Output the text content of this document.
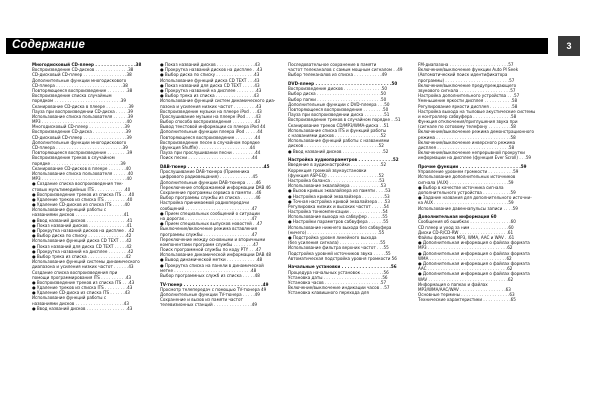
Содержание	3
Многодисковый CD-плеер . . . . . . . . . . . . . .38
Воспроизведение CD-дисков . . . . . . . . . . . . .38
CD-дисковый CD-плеер . . . . . . . . . . . . . . . . .38
Дополнительные функции многодискового
CD-плеера . . . . . . . . . . . . . . . . . . . . . . . . . .38
Повторяющееся воспроизведение . . . . . . . .38
Воспроизведение списка случайным
порядком . . . . . . . . . . . . . . . . . . . . . . . . . .39
Сканирование CD-диска в плеере . . . . . . . . .39
Пауза при воспроизведении CD-диска . . . . .39
Использование списка пользователя . . . . . .39
MP3 . . . . . . . . . . . . . . . . . . . . . . . . . . . . . . . . .40
Многодисковый CD-плеер . . . . . . . . . . . . . .39
Воспроизведение CD-диска . . . . . . . . . . . . .39
CD-дисковый CD-плеер . . . . . . . . . . . . . . . . .39
Дополнительные функции многодискового
CD-плеера . . . . . . . . . . . . . . . . . . . . . . . . . .39
Повторяющееся воспроизведение . . . . . . . .39
Воспроизведение треков в случайном
порядке . . . . . . . . . . . . . . . . . . . . . . . . . . .39
Сканирование CD-дисков в плеере . . . . . . .40
Использование списка пользователя . . . . . .40
MP3 . . . . . . . . . . . . . . . . . . . . . . . . . . . . . . . . .40
● Создание списка воспроизведения тек-
стовых мультимедийных ITS . . . . . . . . . . . .40
● Воспроизведение треков из списка ITS . . .40
● Удаление треков из списка ITS . . . . . . . . .40
● Удаление CD-дисков из списка ITS . . . . .40
Использование функций работы с
названиями дисков . . . . . . . . . . . . . . . . . . .41
● Ввод названий дисков . . . . . . . . . . . . . . . .41
● Показ названий дисков . . . . . . . . . . . . . . .41
● Прокрутка названий дисков на дисплее . .42
● Выбор диска по списку . . . . . . . . . . . . . . .42
Использование функций диска CD TEXT . . .42
● Показ названий для диска CD TEXT . . . . .42
● Прокрутка названий на дисплее . . . . . . . .42
● Выбор трека из списка . . . . . . . . . . . . . . .42
Использование функций системы динамического
диапазона и усиления низких частот . . . . . .43
Создание списка воспроизведения при
помощи программирования ITS . . . . . . . . . .43
● Воспроизведение треков из списка ITS . . .43
● Удаление треков из списка ITS . . . . . . . . .43
● Удаление CD-диска из списка ITS . . . . . .43
Использование функций работы с
названиями дисков . . . . . . . . . . . . . . . . . . .43
● Ввод названий дисков . . . . . . . . . . . . . . . .43
● Показ названий дисков . . . . . . . . . . . . . . .43
● Прокрутка названий дисков на дисплее . .43
● Выбор диска по списку . . . . . . . . . . . . . . .43
Использование функций диска CD TEXT . . .43
● Показ названий для диска CD TEXT . . . . .43
● Прокрутка названий на дисплее . . . . . . . .43
● Выбор трека из списка . . . . . . . . . . . . . . .43
Использование функций систем динамического диа-
пазона и усиления низких частот . . . . . . . . .43
Воспроизведение музыки на плеере iPod . . .43
Прослушивание музыки на плеере iPod . . . .43
Выбор способа воспроизведения . . . . . . . . .43
Вывод текстовой информации со плеера iPod 44
Дополнительные функции плеера iPod . . . . .44
Повторяющееся воспроизведение . . . . . . . .44
Воспроизведение песен в случайном порядке
(функция Shuffle) . . . . . . . . . . . . . . . . . . . .44
Пауза при прослушивании песни . . . . . . . . .44
Поиск песни . . . . . . . . . . . . . . . . . . . . . . . . .44
DAB-тюнер . . . . . . . . . . . . . . . . . . . . . . . . . .45
Прослушивание DAB-тюнера (Приемника
цифрового радиовещания) . . . . . . . . . . . . .45
Дополнительные функции DAB-тюнера . . . .46
Переключение отображаемой информации DAB 46
Сохранение программы сервиса в памяти . .46
Выбор программы службы из списка . . . . . .46
Настройка принимаемой радиопередачи
сообщений . . . . . . . . . . . . . . . . . . . . . . . . . .47
● Прием специальных сообщений о ситуации
на дорогах . . . . . . . . . . . . . . . . . . . . . . . . . .47
● Прием специальных выпусков новостей . .47
Выключение/включение режима вставления
программы службы . . . . . . . . . . . . . . . . . . .47
Переключение между основными и вторичными
компонентами программ службы . . . . . . . .47
Поиск программной службы по коду PTY . . .47
Использование динамической информации DAB 48
● Вывод динамической метки . . . . . . . . . . . .48
● Прокрутка списка на панели в динамической
метке . . . . . . . . . . . . . . . . . . . . . . . . . . . . . .48
Выбор программных служб из списка . . . . .48
TV-тюнер . . . . . . . . . . . . . . . . . . . . . . . . . . .49
Просмотр телепередач с помощью TV-тюнера 49
Дополнительные функции TV-тюнера . . . . .49
Сохранение и вызов из памяти частот
телевизионных станций . . . . . . . . . . . . . . .49
Последовательное сохранение в памяти
частот телеканалов с самым мощным сигналом . .49
Выбор телеканалов из списка . . . . . . . . . . .49
DVD-плеер . . . . . . . . . . . . . . . . . . . . . . . . . .50
Воспроизведение дисков . . . . . . . . . . . . . . .50
Выбор диска . . . . . . . . . . . . . . . . . . . . . . . . .50
Выбор папки . . . . . . . . . . . . . . . . . . . . . . . . .50
Дополнительные функции с DVD-плеера . . .50
Повторяющееся воспроизведение . . . . . . . .50
Пауза при воспроизведении диска . . . . . . . .51
Воспроизведение треков в случайном порядке . .51
Сканирование треков CD/MP3/WMA-диска . .51
Использование списка ITS и функций работы
с названиями дисков . . . . . . . . . . . . . . . . . .52
Использование функций работы с названиями
дисков . . . . . . . . . . . . . . . . . . . . . . . . . . . . .52
● Ввод названий дисков . . . . . . . . . . . . . . . .52
Настройка аудиопараметров . . . . . . . . . . . .52
Введение в аудионастройки . . . . . . . . . . . .52
Коррекция громкой звукоустановки
(функция ASP-EQ) . . . . . . . . . . . . . . . . . . . .52
Настройка баланса . . . . . . . . . . . . . . . . . . .53
Использование эквалайзера . . . . . . . . . . . .53
● Вызов кривых эквалайзера из памяти . . . .53
● Настройка кривой эквалайзера . . . . . . . . .53
● Точная настройка кривой эквалайзера . . .53
Регулировка низких и высоких частот . . . . .54
Настройка тонкомпенсации . . . . . . . . . . . . .54
Использование выхода на сабвуфер . . . . . .55
● Настройки параметров сабвуфера . . . . . .55
Использование нижнего выхода без сабвуфера
(ничего) . . . . . . . . . . . . . . . . . . . . . . . . . . . .55
● Подстройка уровня линейного выхода
(без усиления сигнала) . . . . . . . . . . . . . . . .55
Использование фильтра верхних частот . . .55
Подстройка уровней источников звука . . . . .55
Автоматическая подстройка уровня громкости 56
Начальные установки . . . . . . . . . . . . . . . . .56
Процедура начальных установок . . . . . . . . .56
Установка даты . . . . . . . . . . . . . . . . . . . . . . .56
Установка часов . . . . . . . . . . . . . . . . . . . . . .57
Включение/выключение индикации часов . .57
Установка клавишного перехода для
FM-диапазона . . . . . . . . . . . . . . . . . . . . . . .57
Включение/выключение функции Auto PI Seek
(Автоматический поиск идентификатора
программы) . . . . . . . . . . . . . . . . . . . . . . . . .57
Включение/выключение предупреждающего
звукового сигнала . . . . . . . . . . . . . . . . . . . .57
Настройка дополнительного устройства . . .57
Уменьшение яркости дисплея . . . . . . . . . . .58
Регулирование яркости дисплея . . . . . . . . .58
Настройка выхода на тыловые акустические системы
и контроллер сабвуфера . . . . . . . . . . . . . . .58
Функция отключения/приглушения звука при
(сигнале по сотовому телефону . . . . . . . . .58
Включение/выключение режима демонстрационного
режима . . . . . . . . . . . . . . . . . . . . . . . . . . . . .58
Включение/выключение инверсного режима
дисплея . . . . . . . . . . . . . . . . . . . . . . . . . . . .58
Включение/выключение непрерывной прокрутки
информации на дисплее (функция Ever Scroll) . . .59
Прочие функции . . . . . . . . . . . . . . . . . . . . .59
Управление уровнем громкости . . . . . . . . . .59
Использование дополнительных источников
сигнала (AUX) . . . . . . . . . . . . . . . . . . . . . . .59
● Выбор в качестве источника сигнала
дополнительного устройства . . . . . . . . . . .59
● Задание названия для дополнительного источни-
ка AUX . . . . . . . . . . . . . . . . . . . . . . . . . . . . .59
Использование давеннапульсы записи . . . .59
Дополнительная информация 60
Сообщения об ошибках . . . . . . . . . . . . . . . .60
CD плеер и уход за ним . . . . . . . . . . . . . . .60
Диски CD-R/CD-RW . . . . . . . . . . . . . . . . . . .61
Файлы форматов MP3, WMA, AAC и WAV . .61
● Дополнительная информация о файлах формата
MP3 . . . . . . . . . . . . . . . . . . . . . . . . . . . . . . .62
● Дополнительная информация о файлах формата
WMA . . . . . . . . . . . . . . . . . . . . . . . . . . . . . .62
● Дополнительная информация о файлах формата
AAC . . . . . . . . . . . . . . . . . . . . . . . . . . . . . . .62
● Дополнительная информация о файлах формата
WAV . . . . . . . . . . . . . . . . . . . . . . . . . . . . . . .62
Информация о папках и файлах
MP3/WMA/AAC/WAV . . . . . . . . . . . . . . . . . .63
Основные термины . . . . . . . . . . . . . . . . . . .63
Технические характеристики . . . . . . . . . . .65
